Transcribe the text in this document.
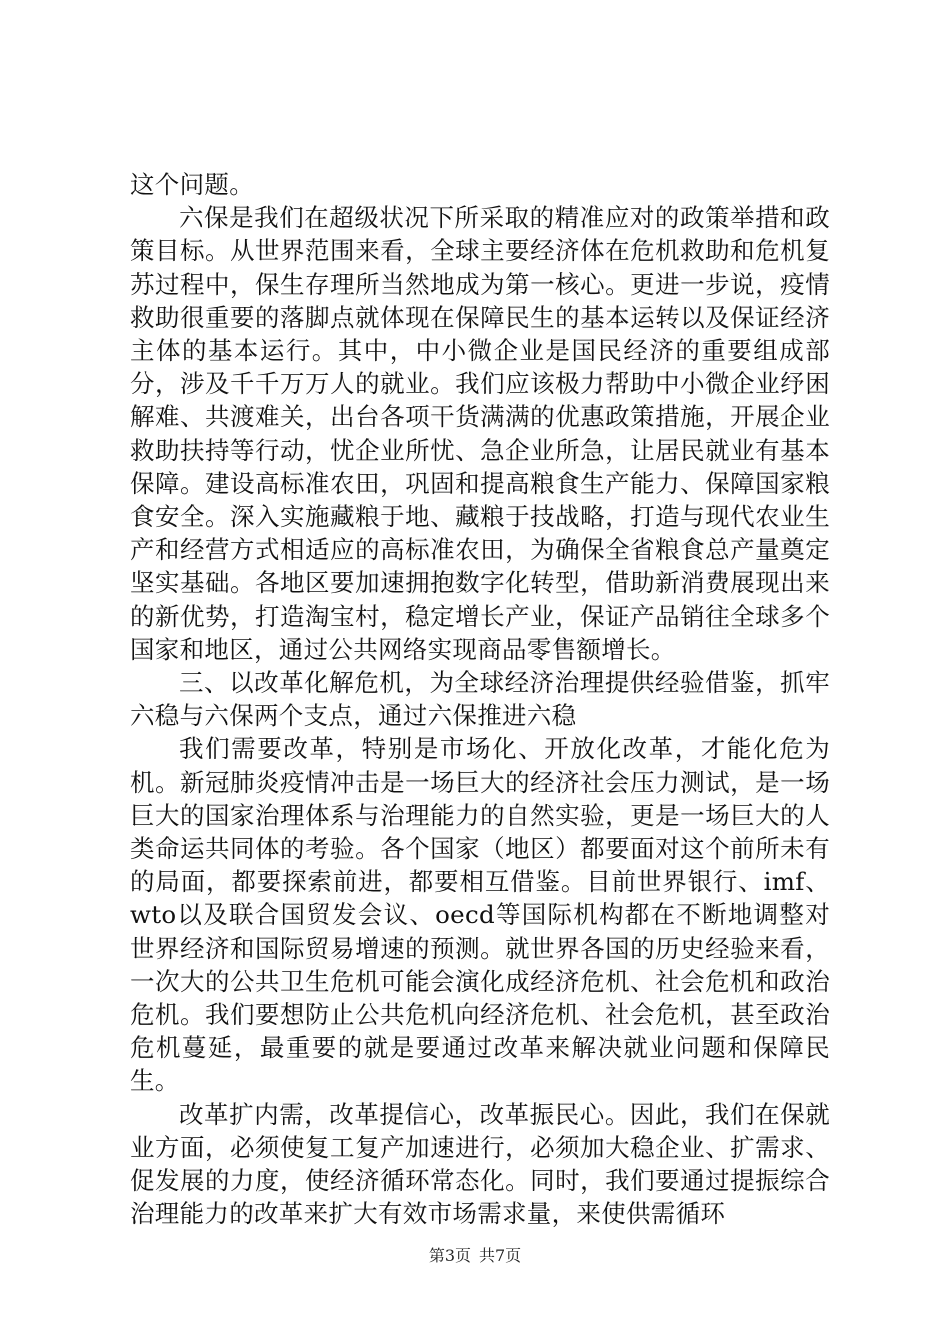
这个问题。

六保是我们在超级状况下所采取的精准应对的政策举措和政策目标。从世界范围来看，全球主要经济体在危机救助和危机复苏过程中，保生存理所当然地成为第一核心。更进一步说，疫情救助很重要的落脚点就体现在保障民生的基本运转以及保证经济主体的基本运行。其中，中小微企业是国民经济的重要组成部分，涉及千千万万人的就业。我们应该极力帮助中小微企业纾困解难、共渡难关，出台各项干货满满的优惠政策措施，开展企业救助扶持等行动，忧企业所忧、急企业所急，让居民就业有基本保障。建设高标准农田，巩固和提高粮食生产能力、保障国家粮食安全。深入实施藏粮于地、藏粮于技战略，打造与现代农业生产和经营方式相适应的高标准农田，为确保全省粮食总产量奠定坚实基础。各地区要加速拥抱数字化转型，借助新消费展现出来的新优势，打造淘宝村，稳定增长产业，保证产品销往全球多个国家和地区，通过公共网络实现商品零售额增长。

三、以改革化解危机，为全球经济治理提供经验借鉴，抓牢六稳与六保两个支点，通过六保推进六稳

我们需要改革，特别是市场化、开放化改革，才能化危为机。新冠肺炎疫情冲击是一场巨大的经济社会压力测试，是一场巨大的国家治理体系与治理能力的自然实验，更是一场巨大的人类命运共同体的考验。各个国家（地区）都要面对这个前所未有的局面，都要探索前进，都要相互借鉴。目前世界银行、imf、wto以及联合国贸发会议、oecd等国际机构都在不断地调整对世界经济和国际贸易增速的预测。就世界各国的历史经验来看，一次大的公共卫生危机可能会演化成经济危机、社会危机和政治危机。我们要想防止公共危机向经济危机、社会危机，甚至政治危机蔓延，最重要的就是要通过改革来解决就业问题和保障民生。

改革扩内需，改革提信心，改革振民心。因此，我们在保就业方面，必须使复工复产加速进行，必须加大稳企业、扩需求、促发展的力度，使经济循环常态化。同时，我们要通过提振综合治理能力的改革来扩大有效市场需求量，来使供需循环

第3页 共7页
